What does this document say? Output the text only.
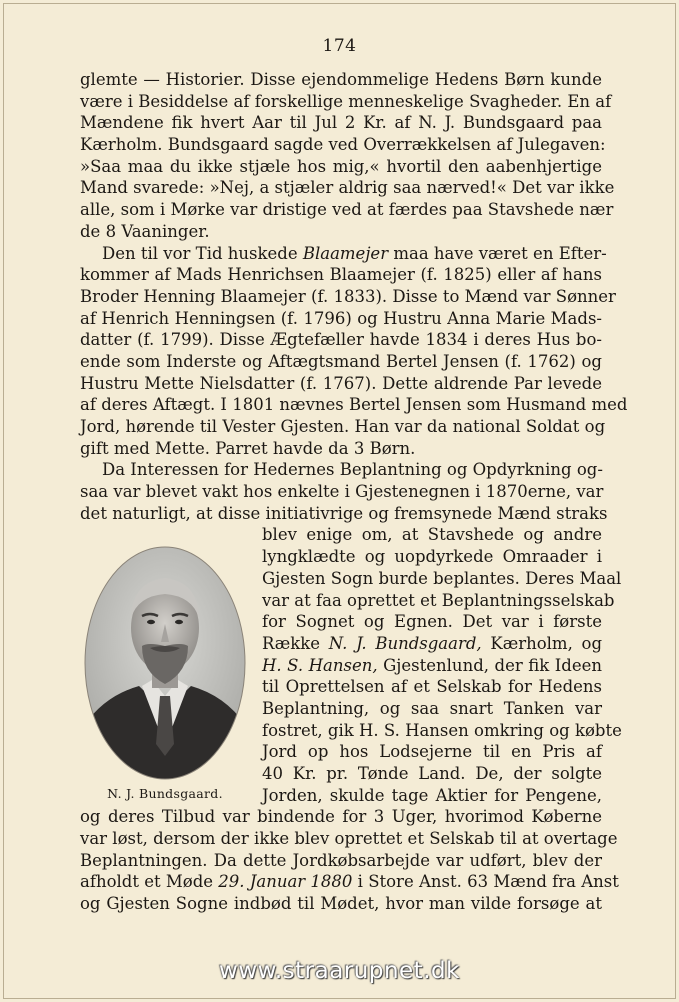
174
glemte — Historier. Disse ejendommelige Hedens Børn kunde
være i Besiddelse af forskellige menneskelige Svagheder. En af
Mændene fik hvert Aar til Jul 2 Kr. af N. J. Bundsgaard paa
Kærholm. Bundsgaard sagde ved Overrækkelsen af Julegaven:
»Saa maa du ikke stjæle hos mig,« hvortil den aabenhjertige
Mand svarede: »Nej, a stjæler aldrig saa nærved!« Det var ikke
alle, som i Mørke var dristige ved at færdes paa Stavshede nær
de 8 Vaaninger.
Den til vor Tid huskede Blaamejer maa have været en Efter-
kommer af Mads Henrichsen Blaamejer (f. 1825) eller af hans
Broder Henning Blaamejer (f. 1833). Disse to Mænd var Sønner
af Henrich Henningsen (f. 1796) og Hustru Anna Marie Mads-
datter (f. 1799). Disse Ægtefæller havde 1834 i deres Hus bo-
ende som Inderste og Aftægtsmand Bertel Jensen (f. 1762) og
Hustru Mette Nielsdatter (f. 1767). Dette aldrende Par levede
af deres Aftægt. I 1801 nævnes Bertel Jensen som Husmand med
Jord, hørende til Vester Gjesten. Han var da national Soldat og
gift med Mette. Parret havde da 3 Børn.
Da Interessen for Hedernes Beplantning og Opdyrkning og-
saa var blevet vakt hos enkelte i Gjestenegnen i 1870erne, var
det naturligt, at disse initiativrige og fremsynede Mænd straks
blev enige om, at Stavshede og andre
lyngklædte og uopdyrkede Omraader i
Gjesten Sogn burde beplantes. Deres Maal
var at faa oprettet et Beplantningsselskab
for Sognet og Egnen. Det var i første
Række N. J. Bundsgaard, Kærholm, og
H. S. Hansen, Gjestenlund, der fik Ideen
til Oprettelsen af et Selskab for Hedens
Beplantning, og saa snart Tanken var
fostret, gik H. S. Hansen omkring og købte
Jord op hos Lodsejerne til en Pris af
40 Kr. pr. Tønde Land. De, der solgte
Jorden, skulde tage Aktier for Pengene,
og deres Tilbud var bindende for 3 Uger, hvorimod Køberne
var løst, dersom der ikke blev oprettet et Selskab til at overtage
Beplantningen. Da dette Jordkøbsarbejde var udført, blev der
afholdt et Møde 29. Januar 1880 i Store Anst. 63 Mænd fra Anst
og Gjesten Sogne indbød til Mødet, hvor man vilde forsøge at
N. J. Bundsgaard.
www.straarupnet.dk
